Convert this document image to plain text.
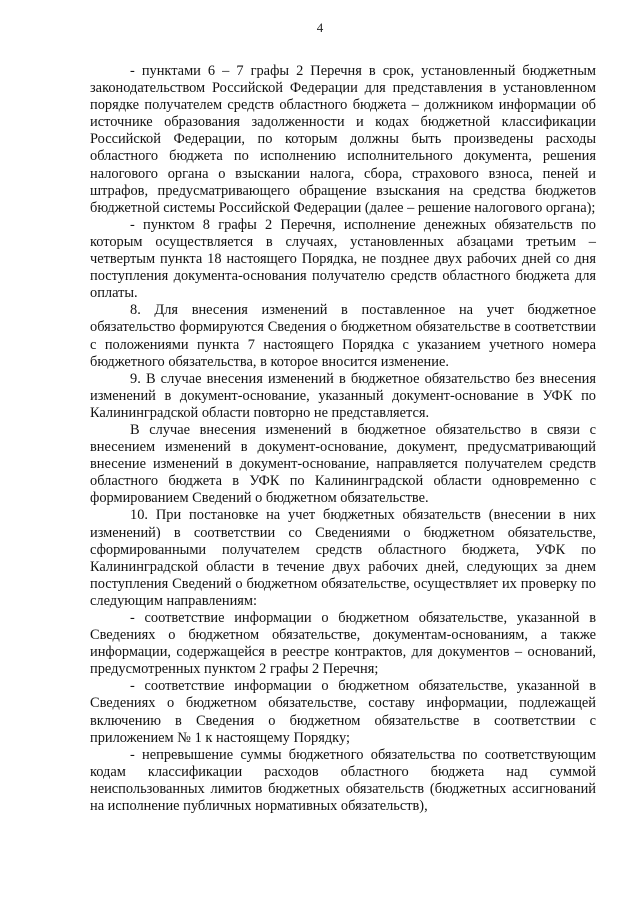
4

- пунктами 6 – 7 графы 2 Перечня в срок, установленный бюджетным законодательством Российской Федерации для представления в установленном порядке получателем средств областного бюджета – должником информации об источнике образования задолженности и кодах бюджетной классификации Российской Федерации, по которым должны быть произведены расходы областного бюджета по исполнению исполнительного документа, решения налогового органа о взыскании налога, сбора, страхового взноса, пеней и штрафов, предусматривающего обращение взыскания на средства бюджетов бюджетной системы Российской Федерации (далее – решение налогового органа);

- пунктом 8 графы 2 Перечня, исполнение денежных обязательств по которым осуществляется в случаях, установленных абзацами третьим – четвертым пункта 18 настоящего Порядка, не позднее двух рабочих дней со дня поступления документа-основания получателю средств областного бюджета для оплаты.

8. Для внесения изменений в поставленное на учет бюджетное обязательство формируются Сведения о бюджетном обязательстве в соответствии с положениями пункта 7 настоящего Порядка с указанием учетного номера бюджетного обязательства, в которое вносится изменение.

9. В случае внесения изменений в бюджетное обязательство без внесения изменений в документ-основание, указанный документ-основание в УФК по Калининградской области повторно не представляется.

В случае внесения изменений в бюджетное обязательство в связи с внесением изменений в документ-основание, документ, предусматривающий внесение изменений в документ-основание, направляется получателем средств областного бюджета в УФК по Калининградской области одновременно с формированием Сведений о бюджетном обязательстве.

10. При постановке на учет бюджетных обязательств (внесении в них изменений) в соответствии со Сведениями о бюджетном обязательстве, сформированными получателем средств областного бюджета, УФК по Калининградской области в течение двух рабочих дней, следующих за днем поступления Сведений о бюджетном обязательстве, осуществляет их проверку по следующим направлениям:

- соответствие информации о бюджетном обязательстве, указанной в Сведениях о бюджетном обязательстве, документам-основаниям, а также информации, содержащейся в реестре контрактов, для документов – оснований, предусмотренных пунктом 2 графы 2 Перечня;

- соответствие информации о бюджетном обязательстве, указанной в Сведениях о бюджетном обязательстве, составу информации, подлежащей включению в Сведения о бюджетном обязательстве в соответствии с приложением № 1 к настоящему Порядку;

- непревышение суммы бюджетного обязательства по соответствующим кодам классификации расходов областного бюджета над суммой неиспользованных лимитов бюджетных обязательств (бюджетных ассигнований на исполнение публичных нормативных обязательств),
